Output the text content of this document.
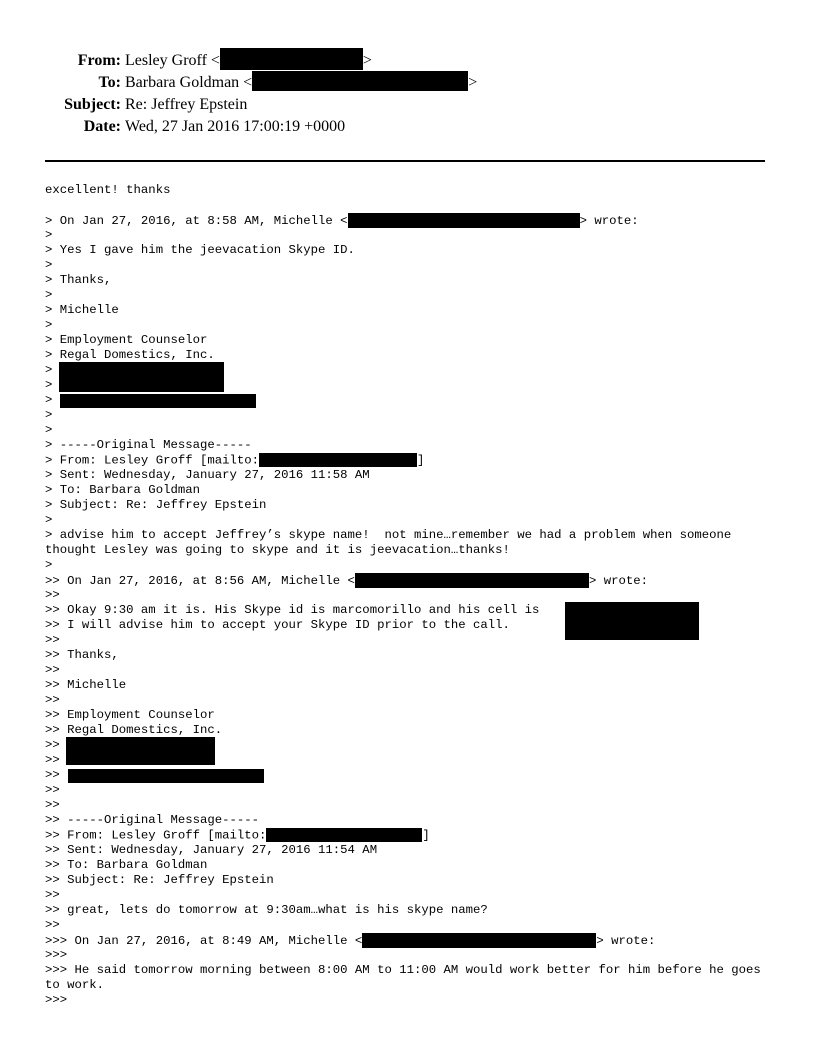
From: Lesley Groff <	>
To: Barbara Goldman <	>
Subject: Re: Jeffrey Epstein
Date: Wed, 27 Jan 2016 17:00:19 +0000
excellent! thanks
> On Jan 27, 2016, at 8:58 AM, Michelle <	> wrote:
>
> Yes I gave him the jeevacation Skype ID.
>
> Thanks,
>
> Michelle
>
> Employment Counselor
> Regal Domestics, Inc.
>
>
>
>
>
> -----Original Message-----
> From: Lesley Groff [mailto:	]
> Sent: Wednesday, January 27, 2016 11:58 AM
> To: Barbara Goldman
> Subject: Re: Jeffrey Epstein
>
> advise him to accept Jeffrey’s skype name!  not mine…remember we had a problem when someone thought Lesley was going to skype and it is jeevacation…thanks!
>
>> On Jan 27, 2016, at 8:56 AM, Michelle <	> wrote:
>>
>> Okay 9:30 am it is. His Skype id is marcomorillo and his cell is
>> I will advise him to accept your Skype ID prior to the call.
>>
>> Thanks,
>>
>> Michelle
>>
>> Employment Counselor
>> Regal Domestics, Inc.
>>
>>
>>
>>
>>
>> -----Original Message-----
>> From: Lesley Groff [mailto:	]
>> Sent: Wednesday, January 27, 2016 11:54 AM
>> To: Barbara Goldman
>> Subject: Re: Jeffrey Epstein
>>
>> great, lets do tomorrow at 9:30am…what is his skype name?
>>
>>> On Jan 27, 2016, at 8:49 AM, Michelle <	> wrote:
>>>
>>> He said tomorrow morning between 8:00 AM to 11:00 AM would work better for him before he goes to work.
>>>
